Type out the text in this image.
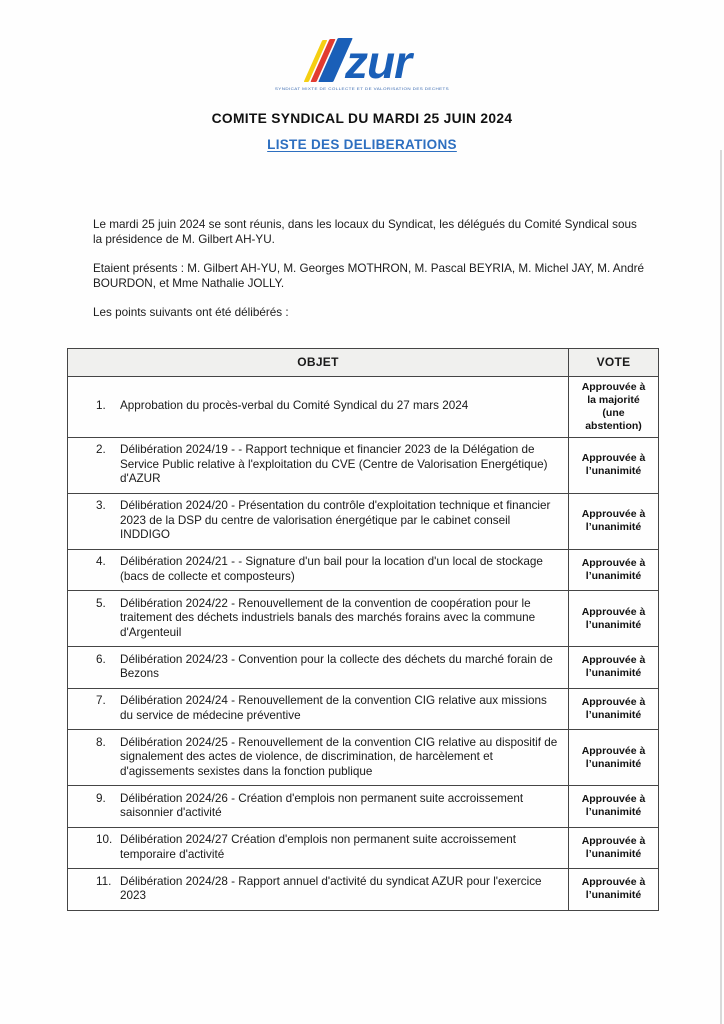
zur
SYNDICAT MIXTE DE COLLECTE ET DE VALORISATION DES DECHETS
COMITE SYNDICAL DU MARDI 25 JUIN 2024
LISTE DES DELIBERATIONS

Le mardi 25 juin 2024 se sont réunis, dans les locaux du Syndicat, les délégués du Comité Syndical sous la présidence de M. Gilbert AH-YU.

Etaient présents : M. Gilbert AH-YU, M. Georges MOTHRON, M. Pascal BEYRIA, M. Michel JAY, M. André BOURDON, et Mme Nathalie JOLLY.

Les points suivants ont été délibérés :

OBJET	VOTE

1. Approbation du procès-verbal du Comité Syndical du 27 mars 2024	Approuvée à la majorité (une abstention)

2. Délibération 2024/19 - - Rapport technique et financier 2023 de la Délégation de Service Public relative à l'exploitation du CVE (Centre de Valorisation Energétique) d'AZUR	Approuvée à l’unanimité

3. Délibération 2024/20 - Présentation du contrôle d'exploitation technique et financier 2023 de la DSP du centre de valorisation énergétique par le cabinet conseil INDDIGO	Approuvée à l’unanimité

4. Délibération 2024/21 - - Signature d'un bail pour la location d'un local de stockage (bacs de collecte et composteurs)	Approuvée à l’unanimité

5. Délibération 2024/22 - Renouvellement de la convention de coopération pour le traitement des déchets industriels banals des marchés forains avec la commune d'Argenteuil	Approuvée à l’unanimité

6. Délibération 2024/23 - Convention pour la collecte des déchets du marché forain de Bezons	Approuvée à l’unanimité

7. Délibération 2024/24 - Renouvellement de la convention CIG relative aux missions du service de médecine préventive	Approuvée à l’unanimité

8. Délibération 2024/25 - Renouvellement de la convention CIG relative au dispositif de signalement des actes de violence, de discrimination, de harcèlement et d'agissements sexistes dans la fonction publique	Approuvée à l’unanimité

9. Délibération 2024/26 - Création d'emplois non permanent suite accroissement saisonnier d'activité	Approuvée à l’unanimité

10. Délibération 2024/27 Création d'emplois non permanent suite accroissement temporaire d'activité	Approuvée à l’unanimité

11. Délibération 2024/28 - Rapport annuel d'activité du syndicat AZUR pour l'exercice 2023	Approuvée à l’unanimité
